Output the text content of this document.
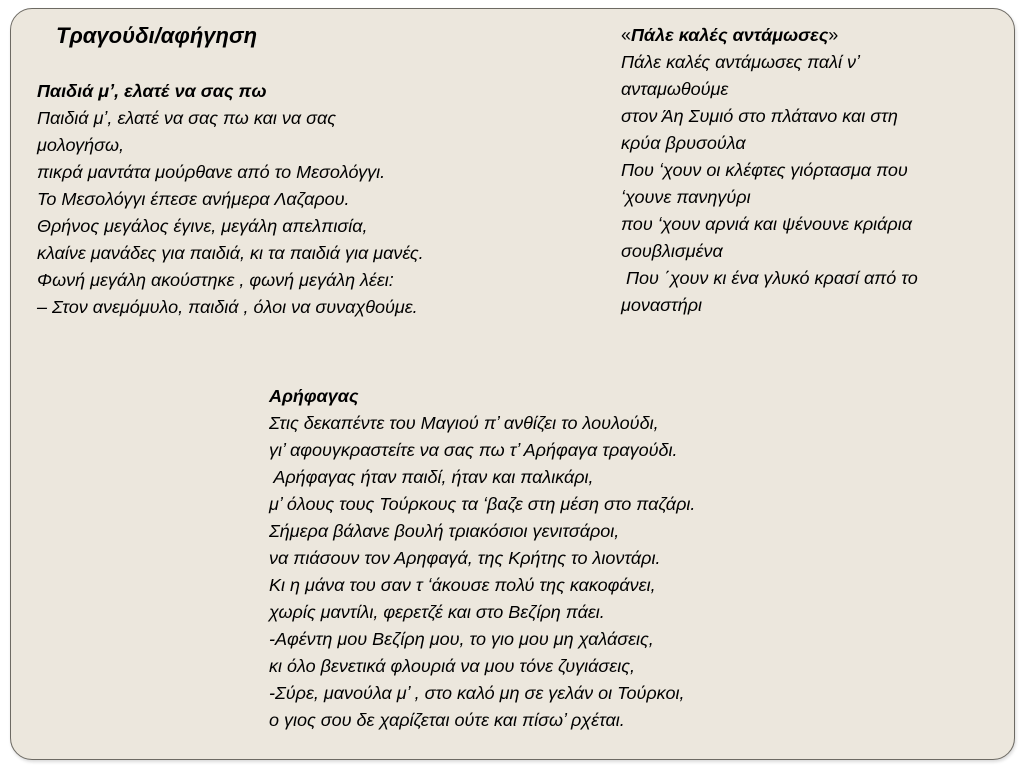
Τραγούδι/αφήγηση

Παιδιά μ’, ελατέ να σας πω

Παιδιά μ’, ελατέ να σας πω και να σας

μολογήσω,

πικρά μαντάτα μούρθανε από το Μεσολόγγι.

Το Μεσολόγγι έπεσε ανήμερα Λαζαρου.

Θρήνος μεγάλος έγινε, μεγάλη απελπισία,

κλαίνε μανάδες για παιδιά, κι τα παιδιά για μανές.

Φωνή μεγάλη ακούστηκε , φωνή μεγάλη λέει:

– Στον ανεμόμυλο, παιδιά , όλοι να συναχθούμε.

«Πάλε καλές αντάμωσες»

Πάλε καλές αντάμωσες παλί ν’

ανταμωθούμε

στον Άη Συμιό στο πλάτανο και στη

κρύα βρυσούλα

Που ‘χουν οι κλέφτες γιόρτασμα που

‘χουνε πανηγύρι

που ‘χουν αρνιά και ψένουνε κριάρια

σουβλισμένα

Που ΄χουν κι ένα γλυκό κρασί από το

μοναστήρι

Αρήφαγας

Στις δεκαπέντε του Μαγιού π’ ανθίζει το λουλούδι,

γι’ αφουγκραστείτε να σας πω τ’ Αρήφαγα τραγούδι.

Αρήφαγας ήταν παιδί, ήταν και παλικάρι,

μ’ όλους τους Τούρκους τα ‘βαζε στη μέση στο παζάρι.

Σήμερα βάλανε βουλή τριακόσιοι γενιτσάροι,

να πιάσουν τον Αρηφαγά, της Κρήτης το λιοντάρι.

Κι η μάνα του σαν τ ‘άκουσε πολύ της κακοφάνει,

χωρίς μαντίλι, φερετζέ και στο Βεζίρη πάει.

-Αφέντη μου Βεζίρη μου, το γιο μου μη χαλάσεις,

κι όλο βενετικά φλουριά να μου τόνε ζυγιάσεις,

-Σύρε, μανούλα μ’ , στο καλό μη σε γελάν οι Τούρκοι,

ο γιος σου δε χαρίζεται ούτε και πίσω’ ρχέται.
